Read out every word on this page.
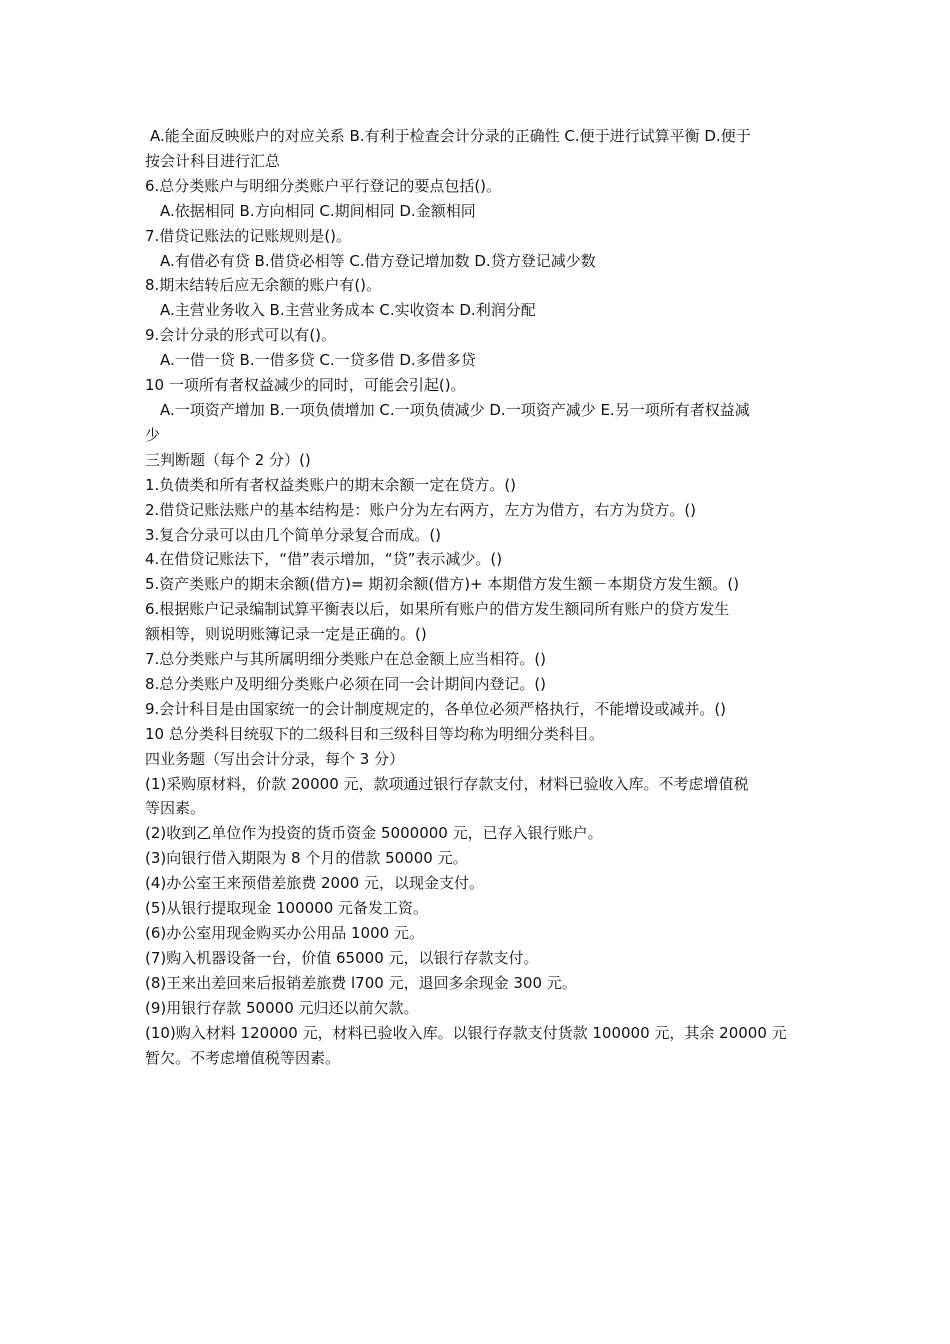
A.能全面反映账户的对应关系 B.有利于检查会计分录的正确性 C.便于进行试算平衡 D.便于

按会计科目进行汇总

6.总分类账户与明细分类账户平行登记的要点包括()。

A.依据相同 B.方向相同 C.期间相同 D.金额相同

7.借贷记账法的记账规则是()。

A.有借必有贷 B.借贷必相等 C.借方登记增加数 D.贷方登记减少数

8.期末结转后应无余额的账户有()。

A.主营业务收入 B.主营业务成本 C.实收资本 D.利润分配

9.会计分录的形式可以有()。

A.一借一贷 B.一借多贷 C.一贷多借 D.多借多贷

10 一项所有者权益减少的同时，可能会引起()。

A.一项资产增加 B.一项负债增加 C.一项负债减少 D.一项资产减少 E.另一项所有者权益减

少

三判断题（每个 2 分）()

1.负债类和所有者权益类账户的期末余额一定在贷方。()

2.借贷记账法账户的基本结构是：账户分为左右两方，左方为借方，右方为贷方。()

3.复合分录可以由几个简单分录复合而成。()

4.在借贷记账法下，“借”表示增加，“贷”表示减少。()

5.资产类账户的期末余额(借方)= 期初余额(借方)+ 本期借方发生额－本期贷方发生额。()

6.根据账户记录编制试算平衡表以后，如果所有账户的借方发生额同所有账户的贷方发生

额相等，则说明账簿记录一定是正确的。()

7.总分类账户与其所属明细分类账户在总金额上应当相符。()

8.总分类账户及明细分类账户必须在同一会计期间内登记。()

9.会计科目是由国家统一的会计制度规定的，各单位必须严格执行，不能增设或减并。()

10 总分类科目统驭下的二级科目和三级科目等均称为明细分类科目。

四业务题（写出会计分录，每个 3 分）

(1)采购原材料，价款 20000 元，款项通过银行存款支付，材料已验收入库。不考虑增值税

等因素。

(2)收到乙单位作为投资的货币资金 5000000 元，已存入银行账户。

(3)向银行借入期限为 8 个月的借款 50000 元。

(4)办公室王来预借差旅费 2000 元，以现金支付。

(5)从银行提取现金 100000 元备发工资。

(6)办公室用现金购买办公用品 1000 元。

(7)购入机器设备一台，价值 65000 元，以银行存款支付。

(8)王来出差回来后报销差旅费 l700 元，退回多余现金 300 元。

(9)用银行存款 50000 元归还以前欠款。

(10)购入材料 120000 元，材料已验收入库。以银行存款支付货款 100000 元，其余 20000 元

暂欠。不考虑增值税等因素。
